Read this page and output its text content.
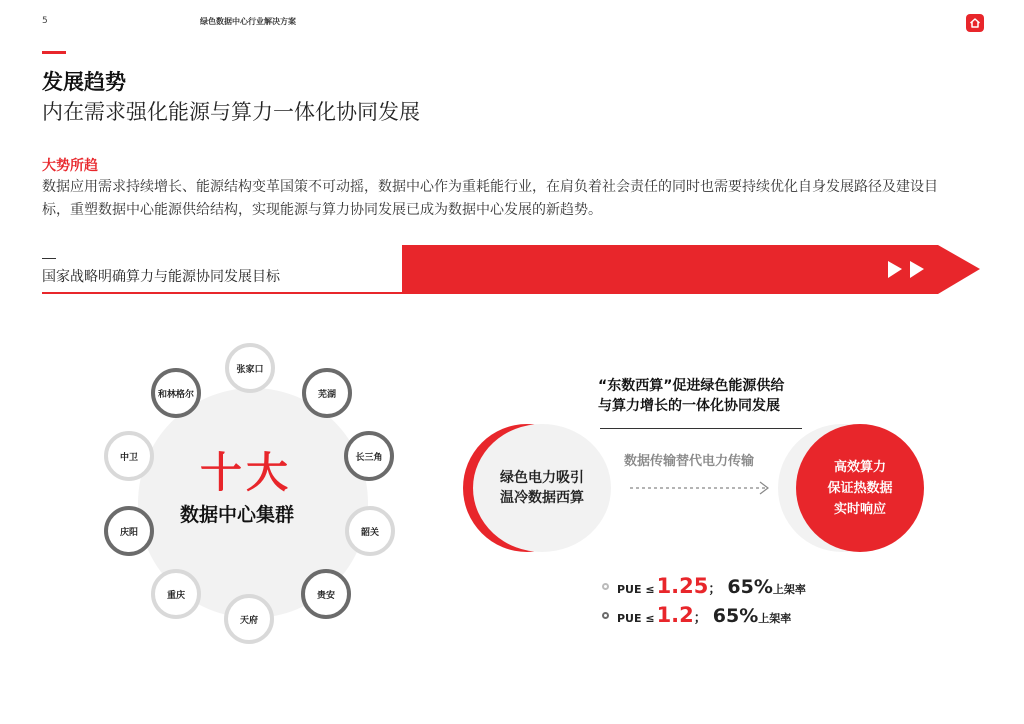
5	绿色数据中心行业解决方案
发展趋势
内在需求强化能源与算力一体化协同发展
大势所趋
数据应用需求持续增长、能源结构变革国策不可动摇，数据中心作为重耗能行业，在肩负着社会责任的同时也需要持续优化自身发展路径及建设目标，重塑数据中心能源供给结构，实现能源与算力协同发展已成为数据中心发展的新趋势。
国家战略明确算力与能源协同发展目标
十大
数据中心集群
张家口
芜湖
长三角
韶关
贵安
天府
重庆
庆阳
中卫
和林格尔
“东数西算”促进绿色能源供给
与算力增长的一体化协同发展
绿色电力吸引
温冷数据西算
数据传输替代电力传输	高效算力
保证热数据
实时响应
PUE ≤ 1.25 ； 65% 上架率
PUE ≤ 1.2 ； 65% 上架率
